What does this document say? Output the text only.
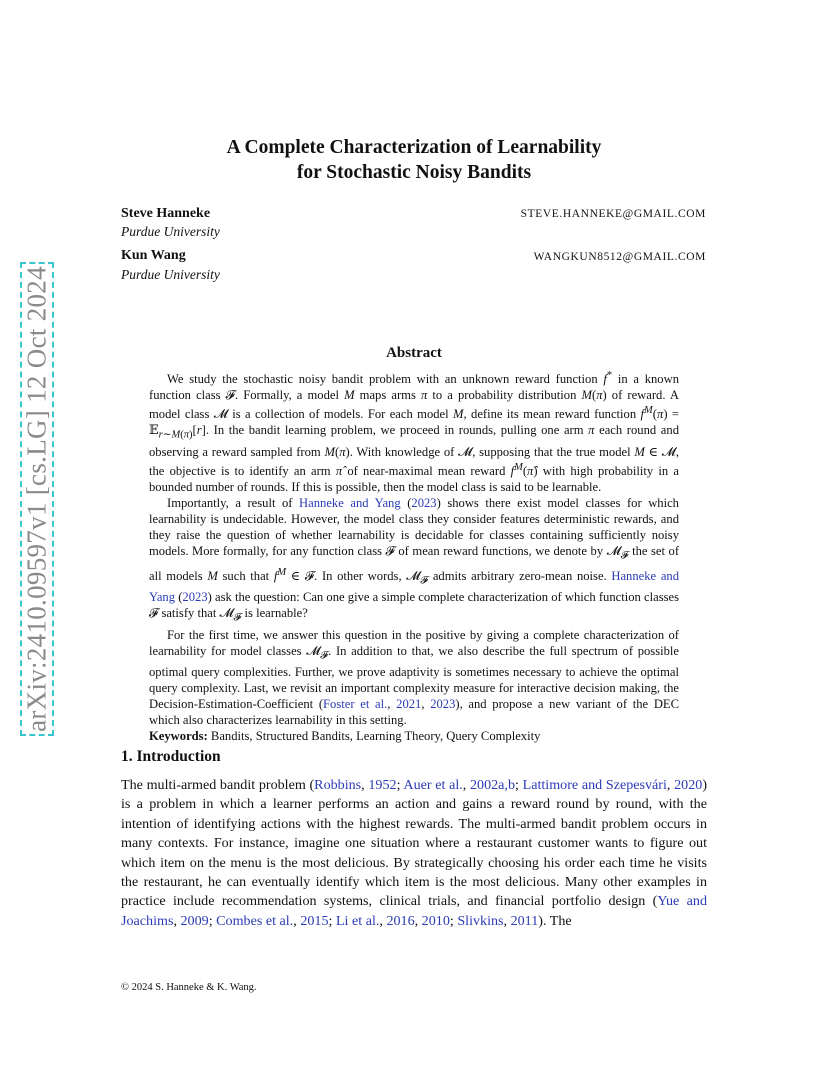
arXiv:2410.09597v1 [cs.LG] 12 Oct 2024
A Complete Characterization of Learnability
for Stochastic Noisy Bandits
Steve Hanneke
Purdue University
STEVE.HANNEKE@GMAIL.COM
Kun Wang
Purdue University
WANGKUN8512@GMAIL.COM
Abstract

We study the stochastic noisy bandit problem with an unknown reward function f* in a known function class 𝓕. Formally, a model M maps arms π to a probability distribution M(π) of reward. A model class 𝓜 is a collection of models. For each model M, define its mean reward function $f^M(\pi)$ = 𝔼$_{r\sim M(\pi)}$[r]. In the bandit learning problem, we proceed in rounds, pulling one arm π each round and observing a reward sampled from M(π). With knowledge of 𝓜, supposing that the true model M ∈ 𝓜, the objective is to identify an arm π̂ of near-maximal mean reward $f^M(\pî)$ with high probability in a bounded number of rounds. If this is possible, then the model class is said to be learnable.

Importantly, a result of Hanneke and Yang (2023) shows there exist model classes for which learnability is undecidable. However, the model class they consider features deterministic rewards, and they raise the question of whether learnability is decidable for classes containing sufficiently noisy models. More formally, for any function class 𝓕 of mean reward functions, we denote by 𝓜$_𝓕$ the set of all models M such that $f^M$ ∈ 𝓕. In other words, 𝓜$_𝓕$ admits arbitrary zero-mean noise. Hanneke and Yang (2023) ask the question: Can one give a simple complete characterization of which function classes 𝓕 satisfy that 𝓜$_𝓕$ is learnable?

For the first time, we answer this question in the positive by giving a complete characterization of learnability for model classes 𝓜$_𝓕$. In addition to that, we also describe the full spectrum of possible optimal query complexities. Further, we prove adaptivity is sometimes necessary to achieve the optimal query complexity. Last, we revisit an important complexity measure for interactive decision making, the Decision-Estimation-Coefficient (Foster et al., 2021, 2023), and propose a new variant of the DEC which also characterizes learnability in this setting.

Keywords: Bandits, Structured Bandits, Learning Theory, Query Complexity

1. Introduction

The multi-armed bandit problem (Robbins, 1952; Auer et al., 2002a,b; Lattimore and Szepesvári, 2020) is a problem in which a learner performs an action and gains a reward round by round, with the intention of identifying actions with the highest rewards. The multi-armed bandit problem occurs in many contexts. For instance, imagine one situation where a restaurant customer wants to figure out which item on the menu is the most delicious. By strategically choosing his order each time he visits the restaurant, he can eventually identify which item is the most delicious. Many other examples in practice include recommendation systems, clinical trials, and financial portfolio design (Yue and Joachims, 2009; Combes et al., 2015; Li et al., 2016, 2010; Slivkins, 2011). The

© 2024 S. Hanneke & K. Wang.
